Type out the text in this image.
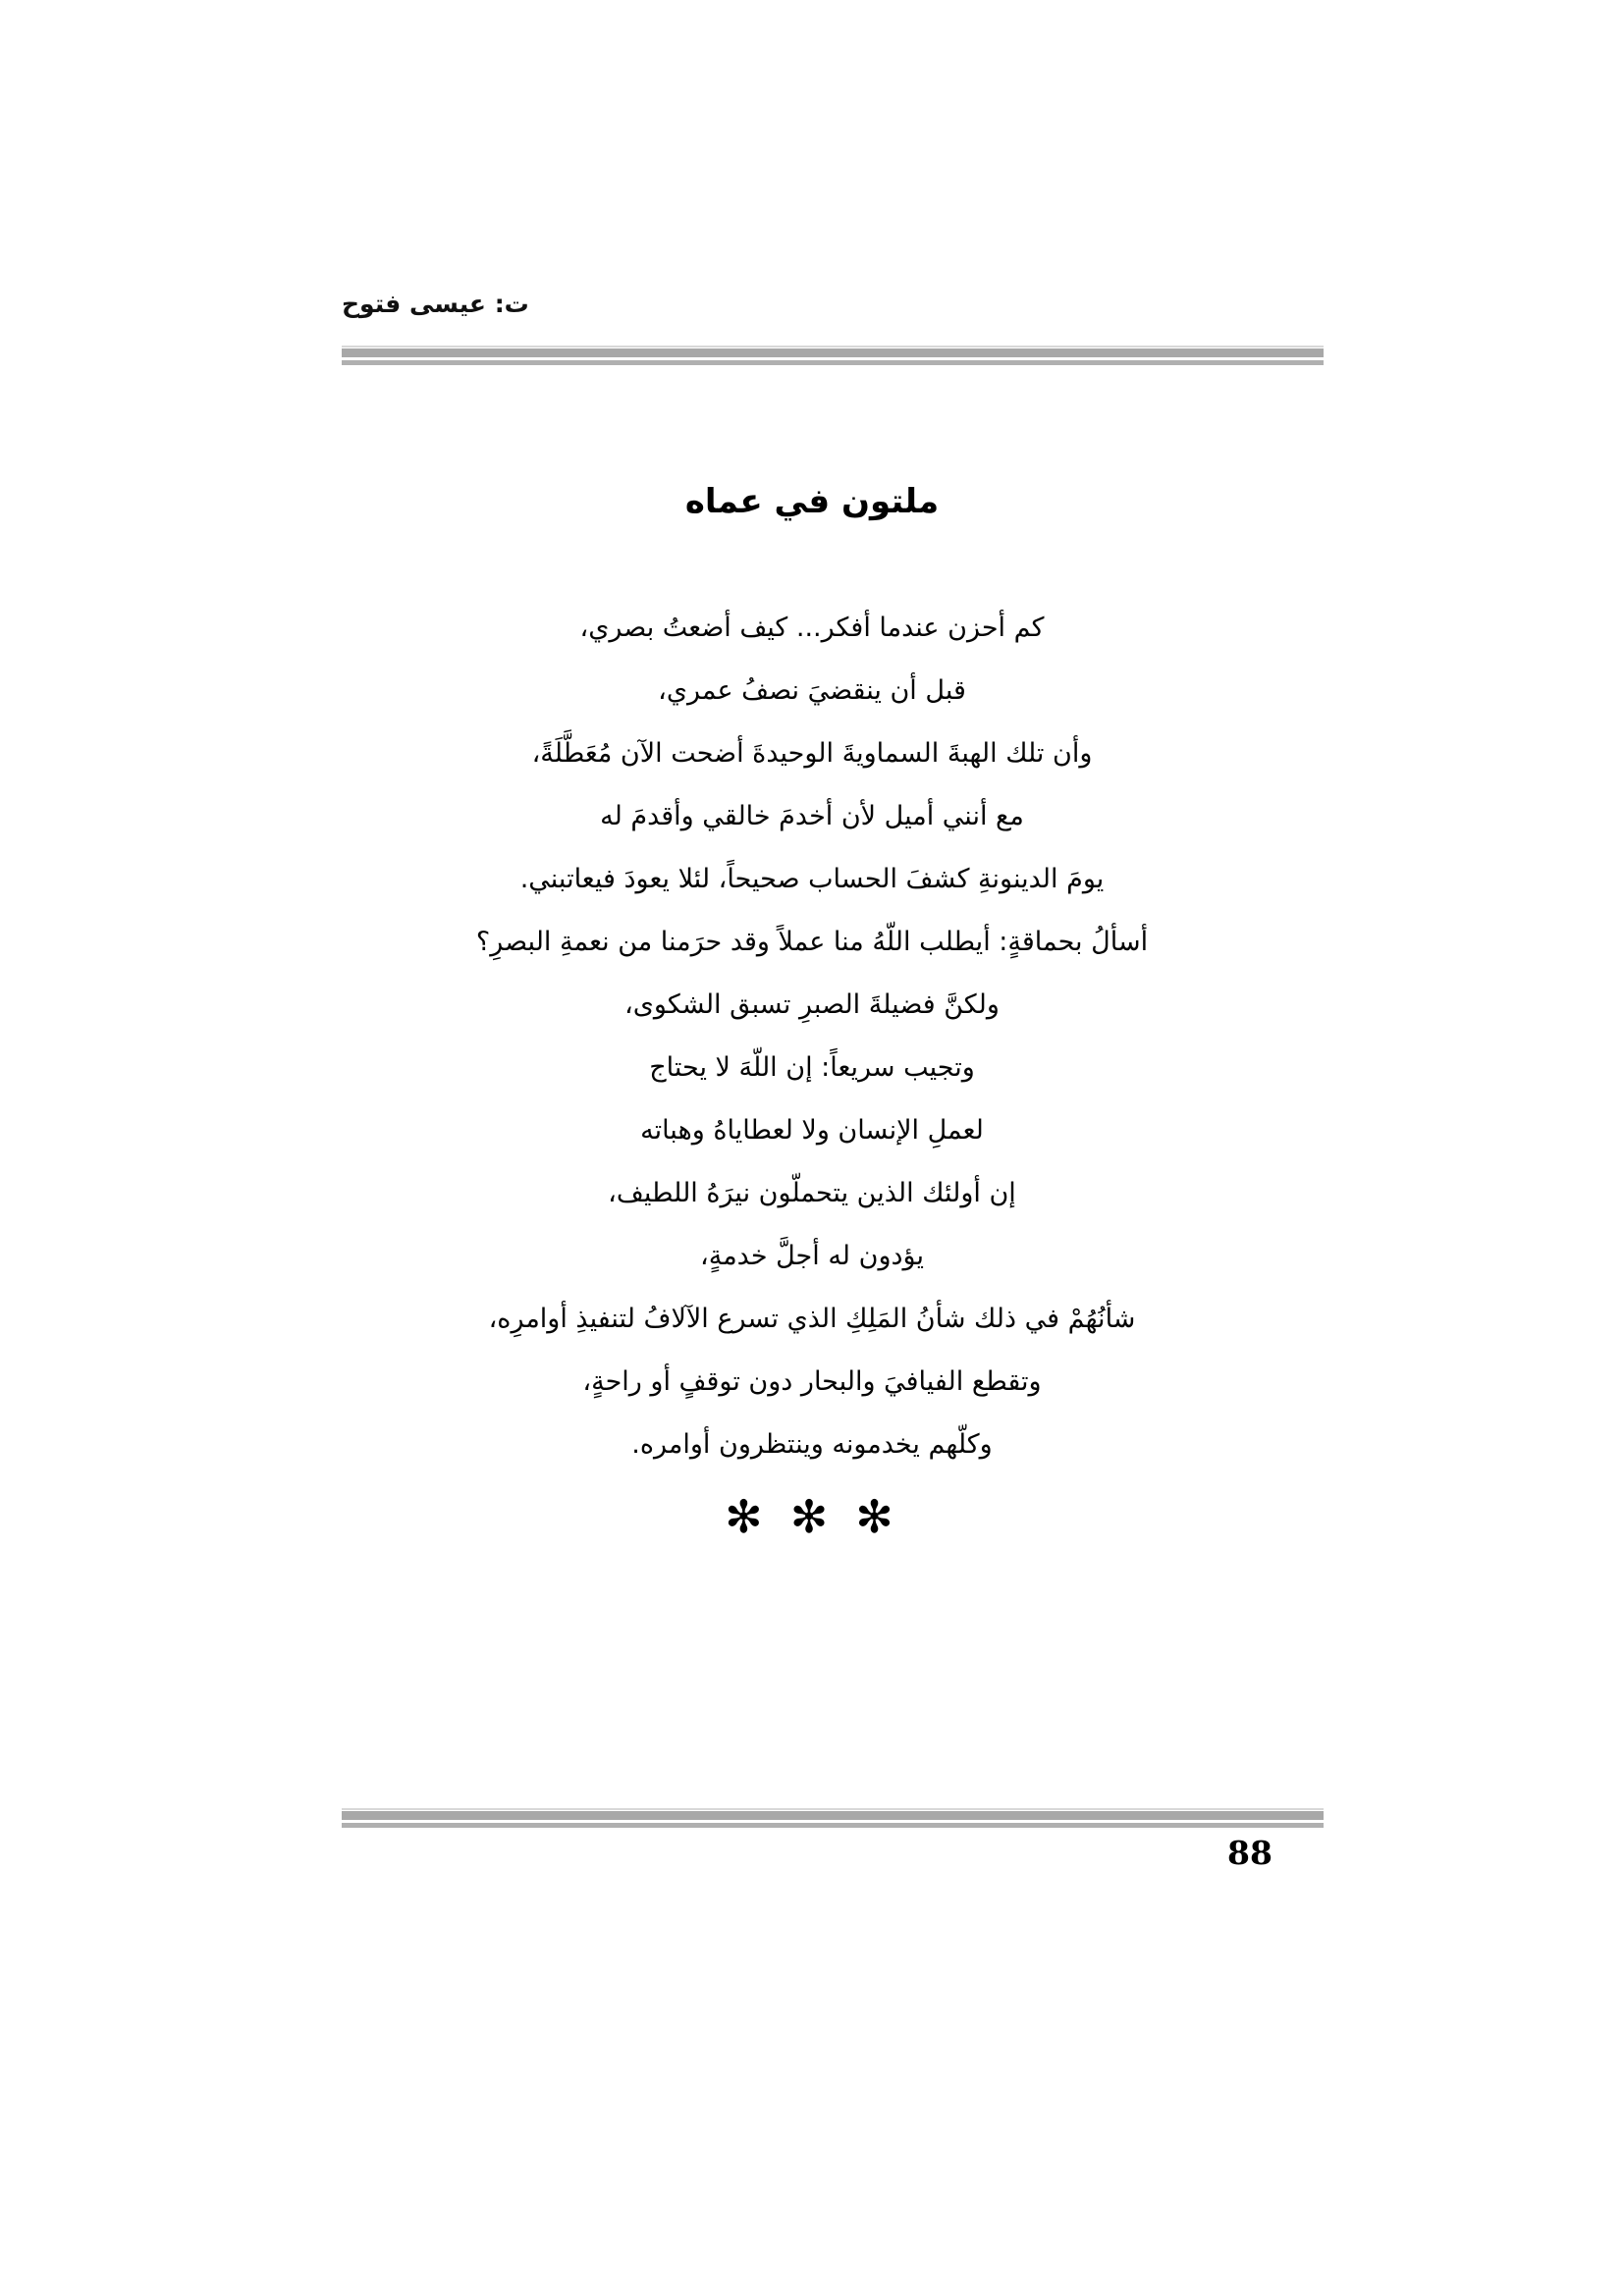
ت: عيسى فتوح
ملتون في عماه
كم أحزن عندما أفكر... كيف أضعتُ بصري،
قبل أن ينقضيَ نصفُ عمري،
وأن تلك الهبةَ السماويةَ الوحيدةَ أضحت الآن مُعَطَّلَةً،
مع أنني أميل لأن أخدمَ خالقي وأقدمَ له
يومَ الدينونةِ كشفَ الحساب صحيحاً، لئلا يعودَ فيعاتبني.
أسألُ بحماقةٍ: أيطلب اللّهُ منا عملاً وقد حرَمنا من نعمةِ البصرِ؟
ولكنَّ فضيلةَ الصبرِ تسبق الشكوى،
وتجيب سريعاً: إن اللّهَ لا يحتاج
لعملِ الإنسان ولا لعطاياهُ وهباته
إن أولئك الذين يتحملّون نيرَهُ اللطيف،
يؤدون له أجلَّ خدمةٍ،
شأنُهُمْ في ذلك شأنُ المَلِكِ الذي تسرع الآلافُ لتنفيذِ أوامرِه،
وتقطع الفيافيَ والبحار دون توقفٍ أو راحةٍ،
وكلّهم يخدمونه وينتظرون أوامره.
✻ ✻ ✻
88
